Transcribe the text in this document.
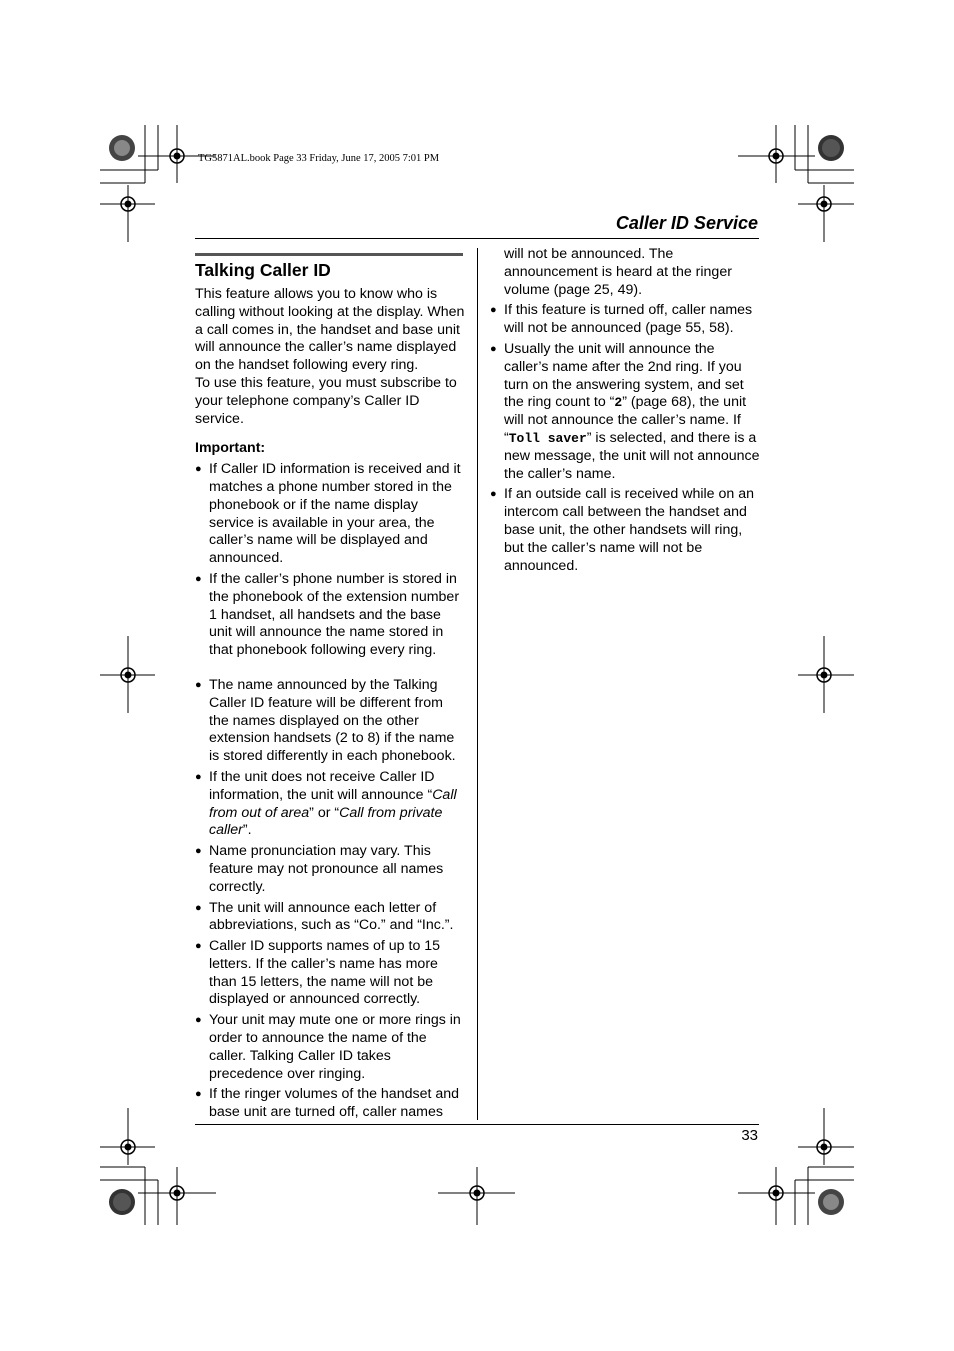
TG5871AL.book Page 33 Friday, June 17, 2005 7:01 PM
Caller ID Service
Talking Caller ID

This feature allows you to know who is calling without looking at the display. When a call comes in, the handset and base unit will announce the caller’s name displayed on the handset following every ring.

To use this feature, you must subscribe to your telephone company’s Caller ID service.

Important:
● If Caller ID information is received and it matches a phone number stored in the phonebook or if the name display service is available in your area, the caller’s name will be displayed and announced.
● If the caller’s phone number is stored in the phonebook of the extension number 1 handset, all handsets and the base unit will announce the name stored in that phonebook following every ring.
● The name announced by the Talking Caller ID feature will be different from the names displayed on the other extension handsets (2 to 8) if the name is stored differently in each phonebook.
● If the unit does not receive Caller ID information, the unit will announce “Call from out of area” or “Call from private caller”.
● Name pronunciation may vary. This feature may not pronounce all names correctly.
● The unit will announce each letter of abbreviations, such as “Co.” and “Inc.”.
● Caller ID supports names of up to 15 letters. If the caller’s name has more than 15 letters, the name will not be displayed or announced correctly.
● Your unit may mute one or more rings in order to announce the name of the caller. Talking Caller ID takes precedence over ringing.
● If the ringer volumes of the handset and base unit are turned off, caller names
will not be announced. The announcement is heard at the ringer volume (page 25, 49).
● If this feature is turned off, caller names will not be announced (page 55, 58).
● Usually the unit will announce the caller’s name after the 2nd ring. If you turn on the answering system, and set the ring count to “2” (page 68), the unit will not announce the caller’s name. If “Toll saver” is selected, and there is a new message, the unit will not announce the caller’s name.
● If an outside call is received while on an intercom call between the handset and base unit, the other handsets will ring, but the caller’s name will not be announced.
33
